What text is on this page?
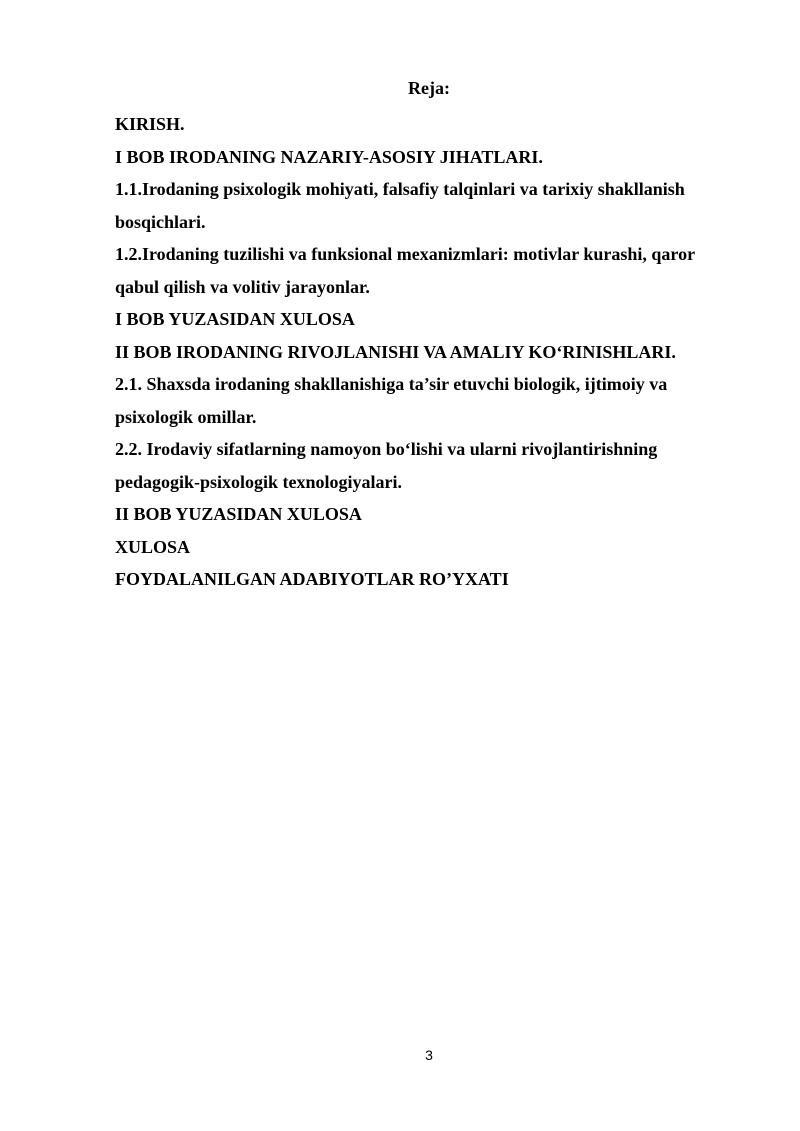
Reja:
KIRISH.
I BOB IRODANING NAZARIY-ASOSIY JIHATLARI.
1.1.Irodaning psixologik mohiyati, falsafiy talqinlari va tarixiy shakllanish bosqichlari.
1.2.Irodaning tuzilishi va funksional mexanizmlari: motivlar kurashi, qaror qabul qilish va volitiv jarayonlar.
I BOB YUZASIDAN XULOSA
II BOB IRODANING RIVOJLANISHI VA AMALIY KO‘RINISHLARI.
2.1. Shaxsda irodaning shakllanishiga ta’sir etuvchi biologik, ijtimoiy va psixologik omillar.
2.2. Irodaviy sifatlarning namoyon bo‘lishi va ularni rivojlantirishning pedagogik-psixologik texnologiyalari.
II BOB YUZASIDAN XULOSA
XULOSA
FOYDALANILGAN ADABIYOTLAR RO’YXATI
3
